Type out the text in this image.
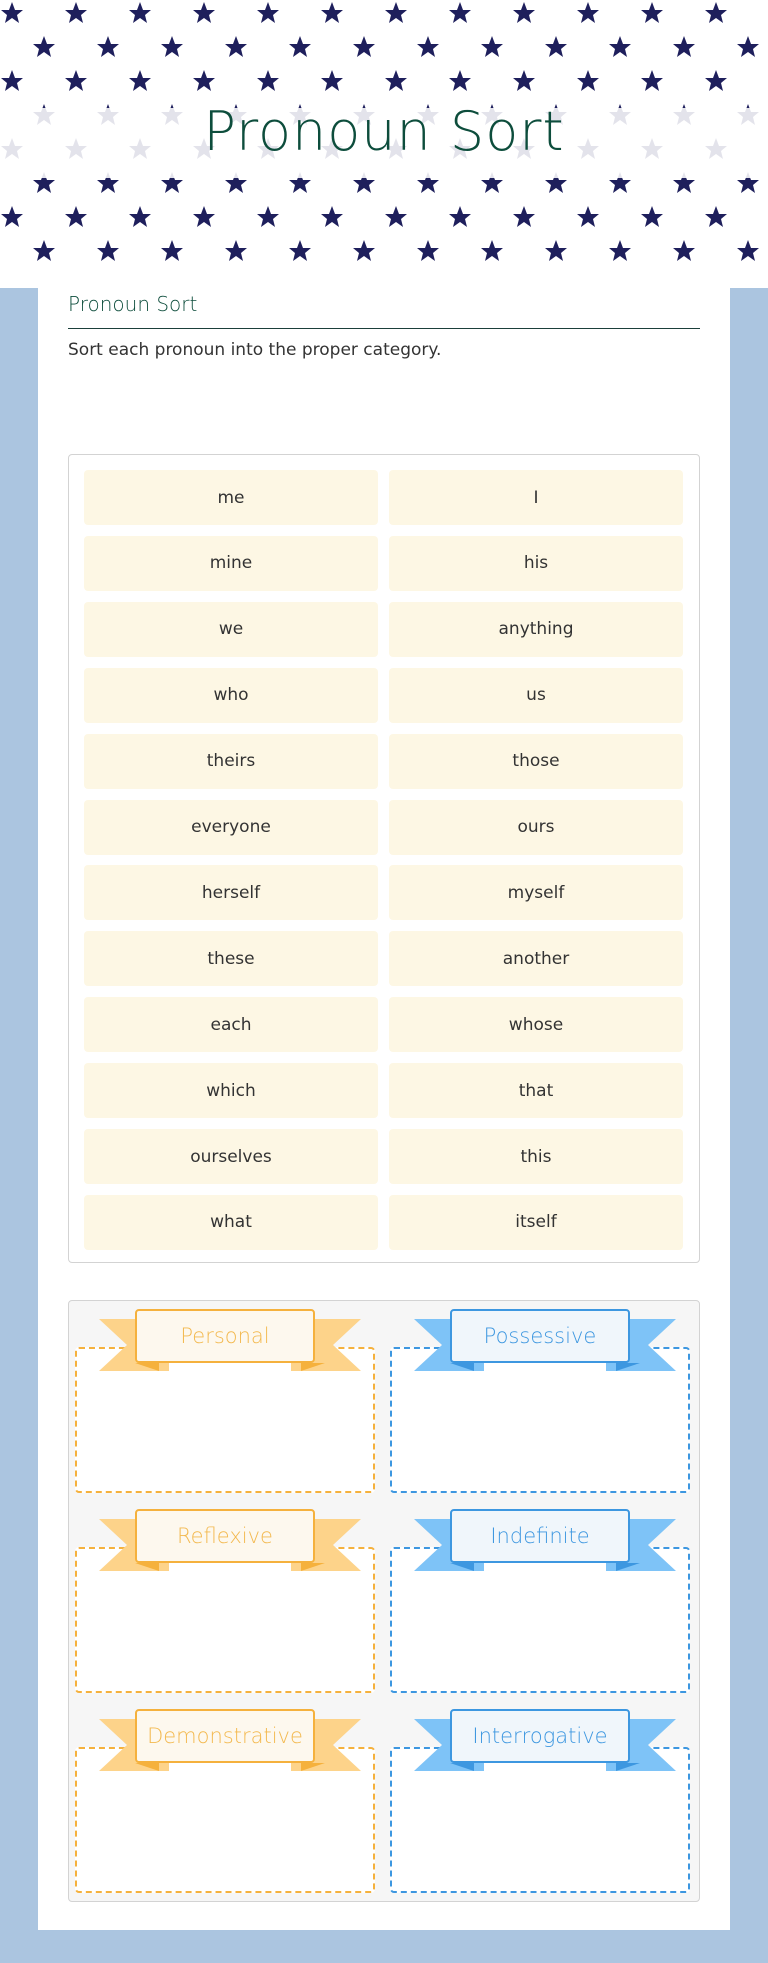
Pronoun Sort
Pronoun Sort
Sort each pronoun into the proper category.
me	I
mine	his
we	anything
who	us
theirs	those
everyone	ours
herself	myself
these	another
each	whose
which	that
ourselves	this
what	itself
Personal	Possessive
Reflexive	Indefinite
Demonstrative	Interrogative
